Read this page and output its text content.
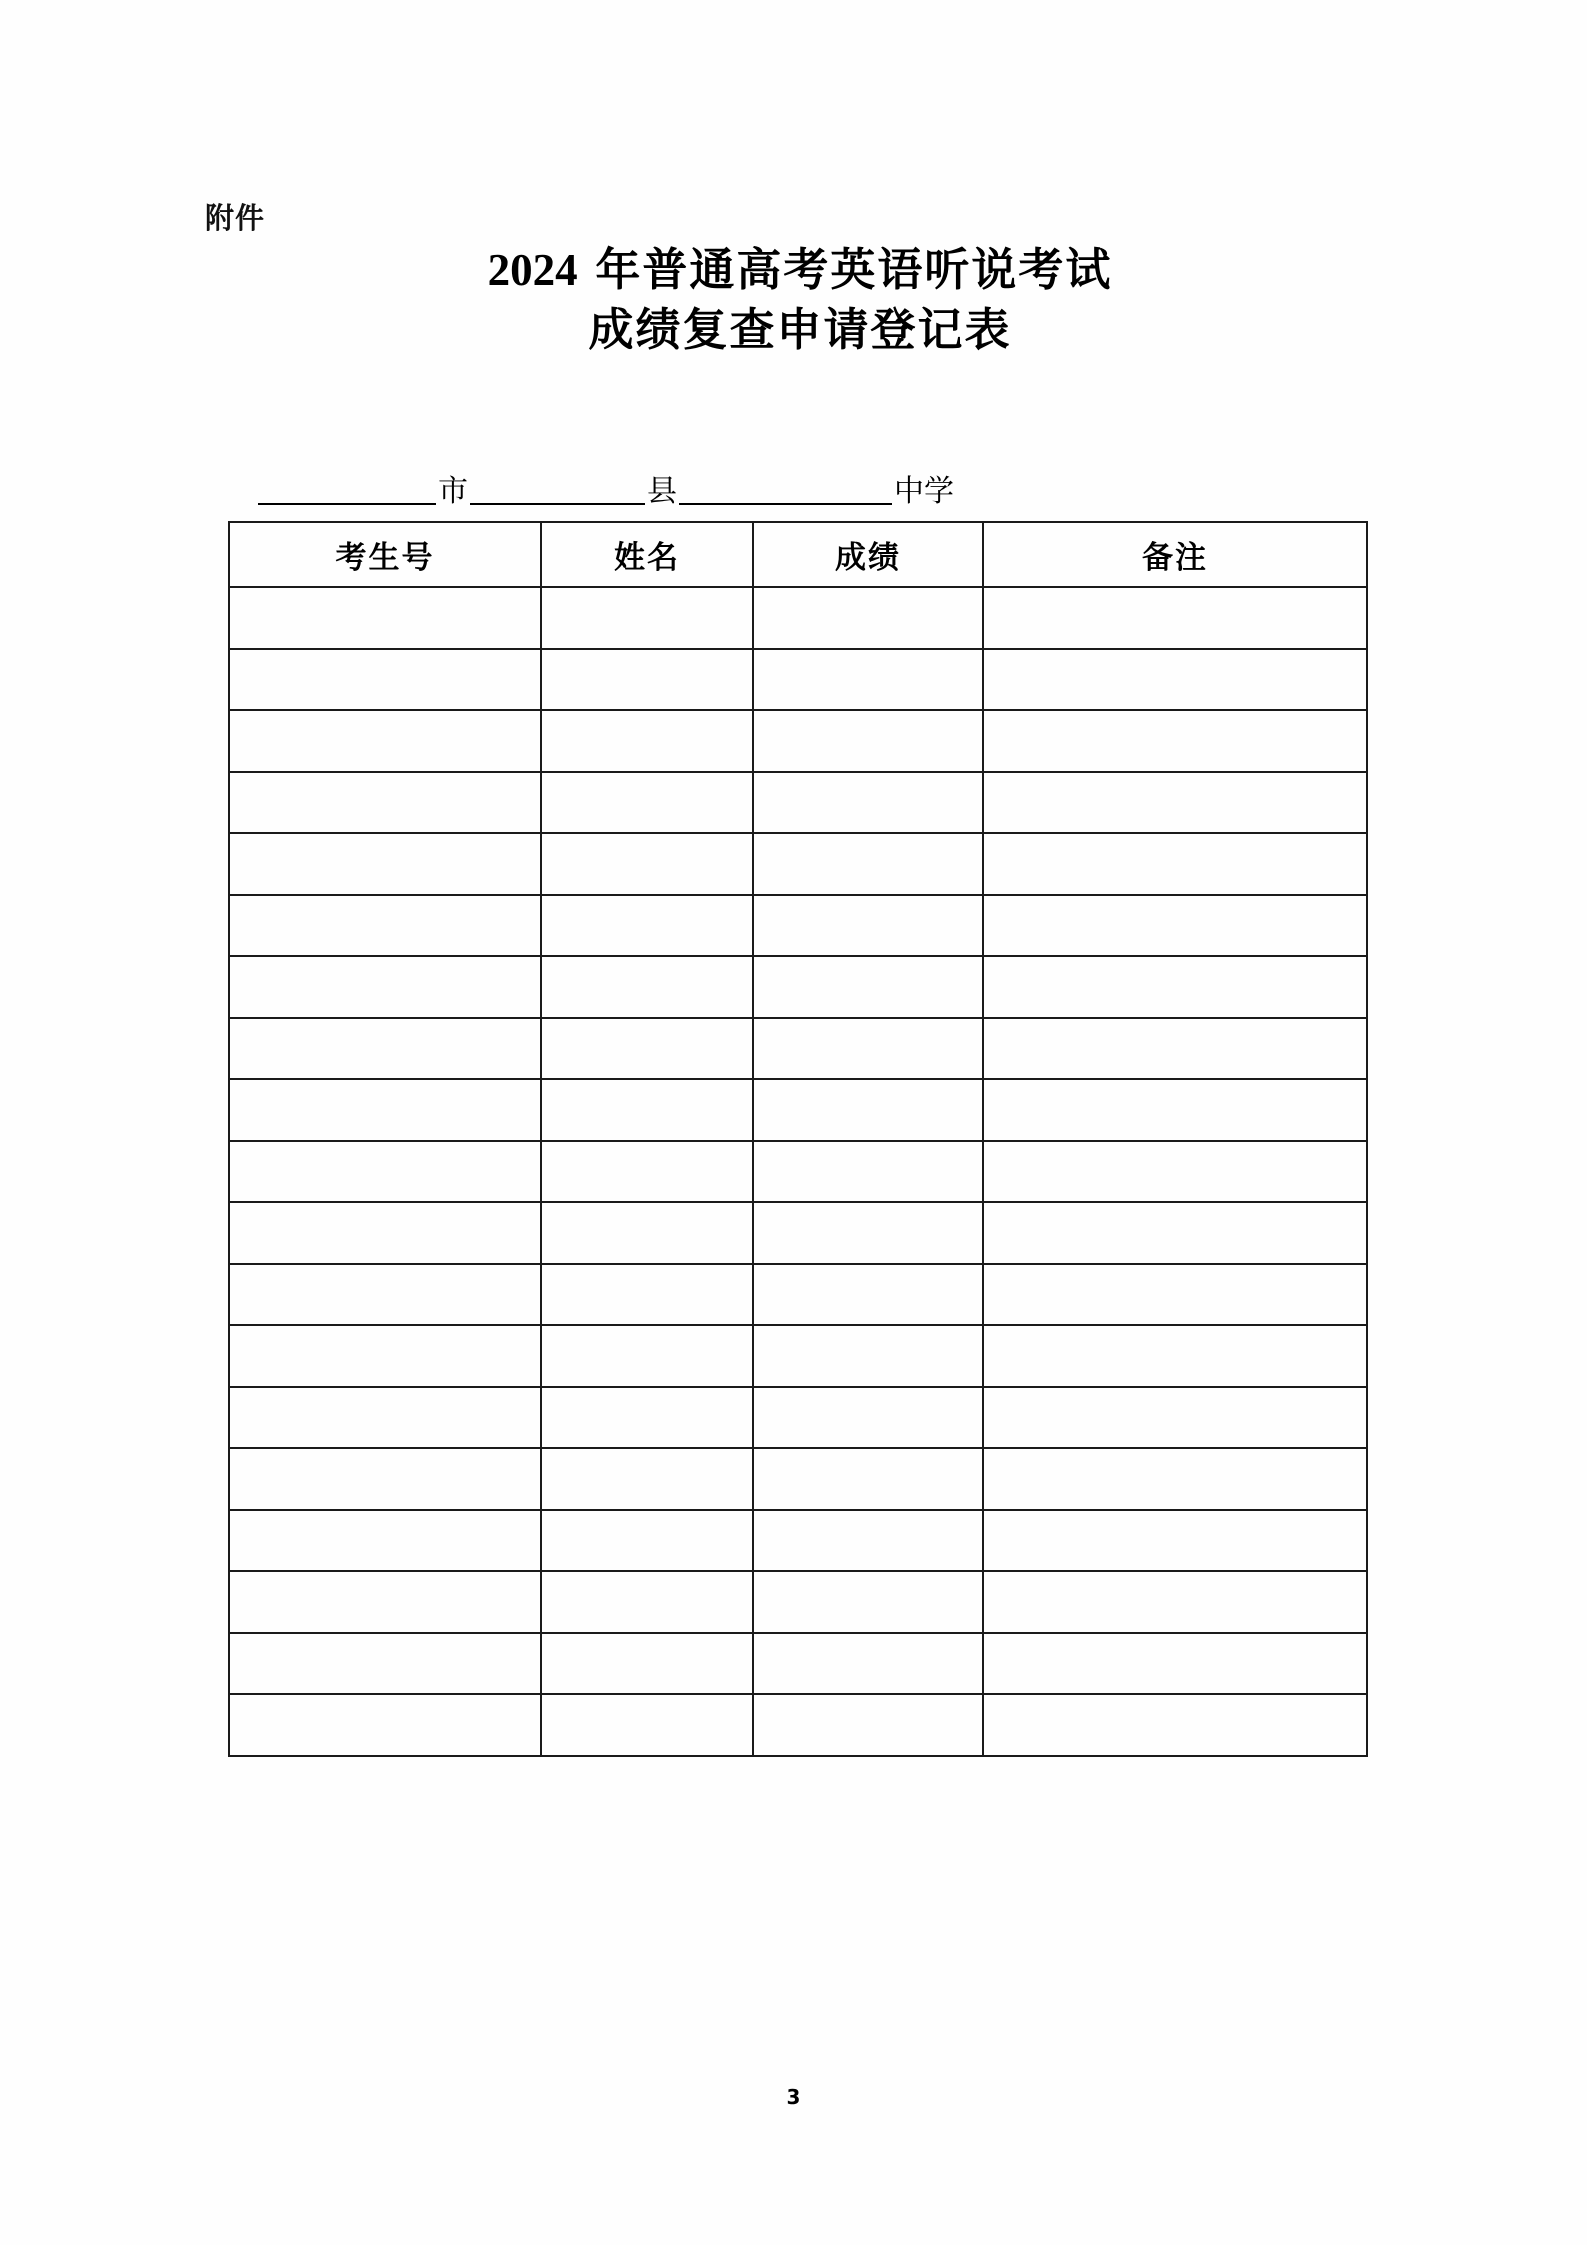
附件
2024 年普通高考英语听说考试
成绩复查申请登记表
市	县	中学
考生号	姓名	成绩	备注

3
